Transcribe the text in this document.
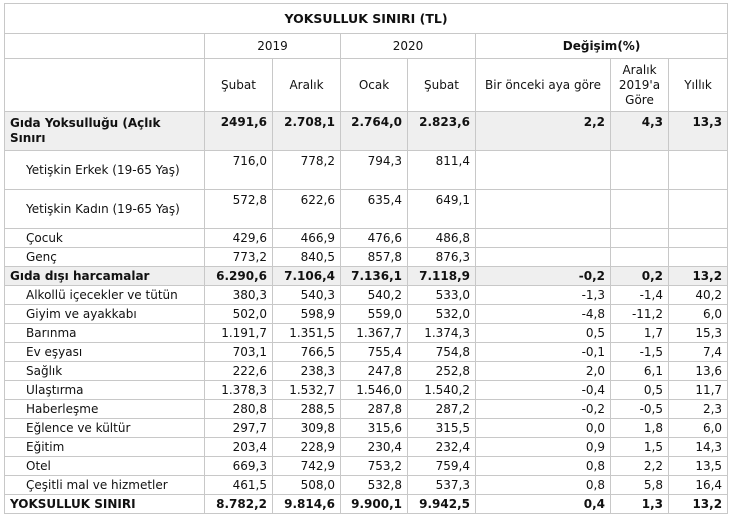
YOKSULLUK SINIRI (TL)							
	2019		2020		Değişim(%)		
	Şubat	Aralık	Ocak	Şubat	Bir önceki aya göre	Aralık 2019'a Göre	Yıllık
Gıda Yoksulluğu (Açlık Sınırı	2491,6	2.708,1	2.764,0	2.823,6	2,2	4,3	13,3
Yetişkin Erkek (19-65 Yaş)	716,0	778,2	794,3	811,4			
Yetişkin Kadın (19-65 Yaş)	572,8	622,6	635,4	649,1			
Çocuk	429,6	466,9	476,6	486,8			
Genç	773,2	840,5	857,8	876,3			
Gıda dışı harcamalar	6.290,6	7.106,4	7.136,1	7.118,9	-0,2	0,2	13,2
Alkollü içecekler ve tütün	380,3	540,3	540,2	533,0	-1,3	-1,4	40,2
Giyim ve ayakkabı	502,0	598,9	559,0	532,0	-4,8	-11,2	6,0
Barınma	1.191,7	1.351,5	1.367,7	1.374,3	0,5	1,7	15,3
Ev eşyası	703,1	766,5	755,4	754,8	-0,1	-1,5	7,4
Sağlık	222,6	238,3	247,8	252,8	2,0	6,1	13,6
Ulaştırma	1.378,3	1.532,7	1.546,0	1.540,2	-0,4	0,5	11,7
Haberleşme	280,8	288,5	287,8	287,2	-0,2	-0,5	2,3
Eğlence ve kültür	297,7	309,8	315,6	315,5	0,0	1,8	6,0
Eğitim	203,4	228,9	230,4	232,4	0,9	1,5	14,3
Otel	669,3	742,9	753,2	759,4	0,8	2,2	13,5
Çeşitli mal ve hizmetler	461,5	508,0	532,8	537,3	0,8	5,8	16,4
YOKSULLUK SINIRI	8.782,2	9.814,6	9.900,1	9.942,5	0,4	1,3	13,2
